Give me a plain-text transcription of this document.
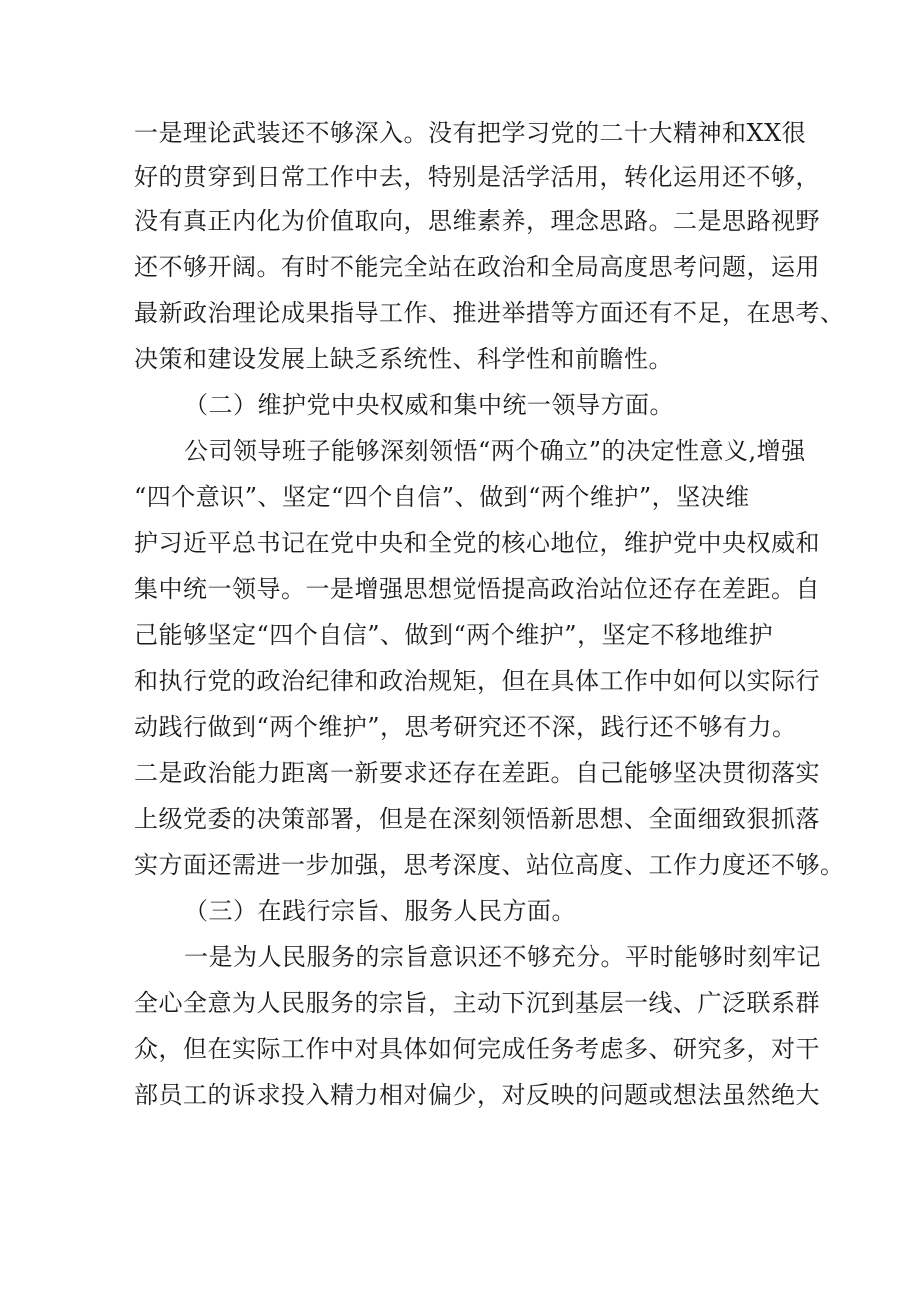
一是理论武装还不够深入。没有把学习党的二十大精神和XX很
好的贯穿到日常工作中去，特别是活学活用，转化运用还不够，
没有真正内化为价值取向，思维素养，理念思路。二是思路视野
还不够开阔。有时不能完全站在政治和全局高度思考问题，运用
最新政治理论成果指导工作、推进举措等方面还有不足，在思考、
决策和建设发展上缺乏系统性、科学性和前瞻性。
（二）维护党中央权威和集中统一领导方面。
公司领导班子能够深刻领悟“两个确立”的决定性意义,增强
“四个意识”、坚定“四个自信”、做到“两个维护”，坚决维
护习近平总书记在党中央和全党的核心地位，维护党中央权威和
集中统一领导。一是增强思想觉悟提高政治站位还存在差距。自
己能够坚定“四个自信”、做到“两个维护”，坚定不移地维护
和执行党的政治纪律和政治规矩，但在具体工作中如何以实际行
动践行做到“两个维护”，思考研究还不深，践行还不够有力。
二是政治能力距离一新要求还存在差距。自己能够坚决贯彻落实
上级党委的决策部署，但是在深刻领悟新思想、全面细致狠抓落
实方面还需进一步加强，思考深度、站位高度、工作力度还不够。
（三）在践行宗旨、服务人民方面。
一是为人民服务的宗旨意识还不够充分。平时能够时刻牢记
全心全意为人民服务的宗旨，主动下沉到基层一线、广泛联系群
众，但在实际工作中对具体如何完成任务考虑多、研究多，对干
部员工的诉求投入精力相对偏少，对反映的问题或想法虽然绝大
